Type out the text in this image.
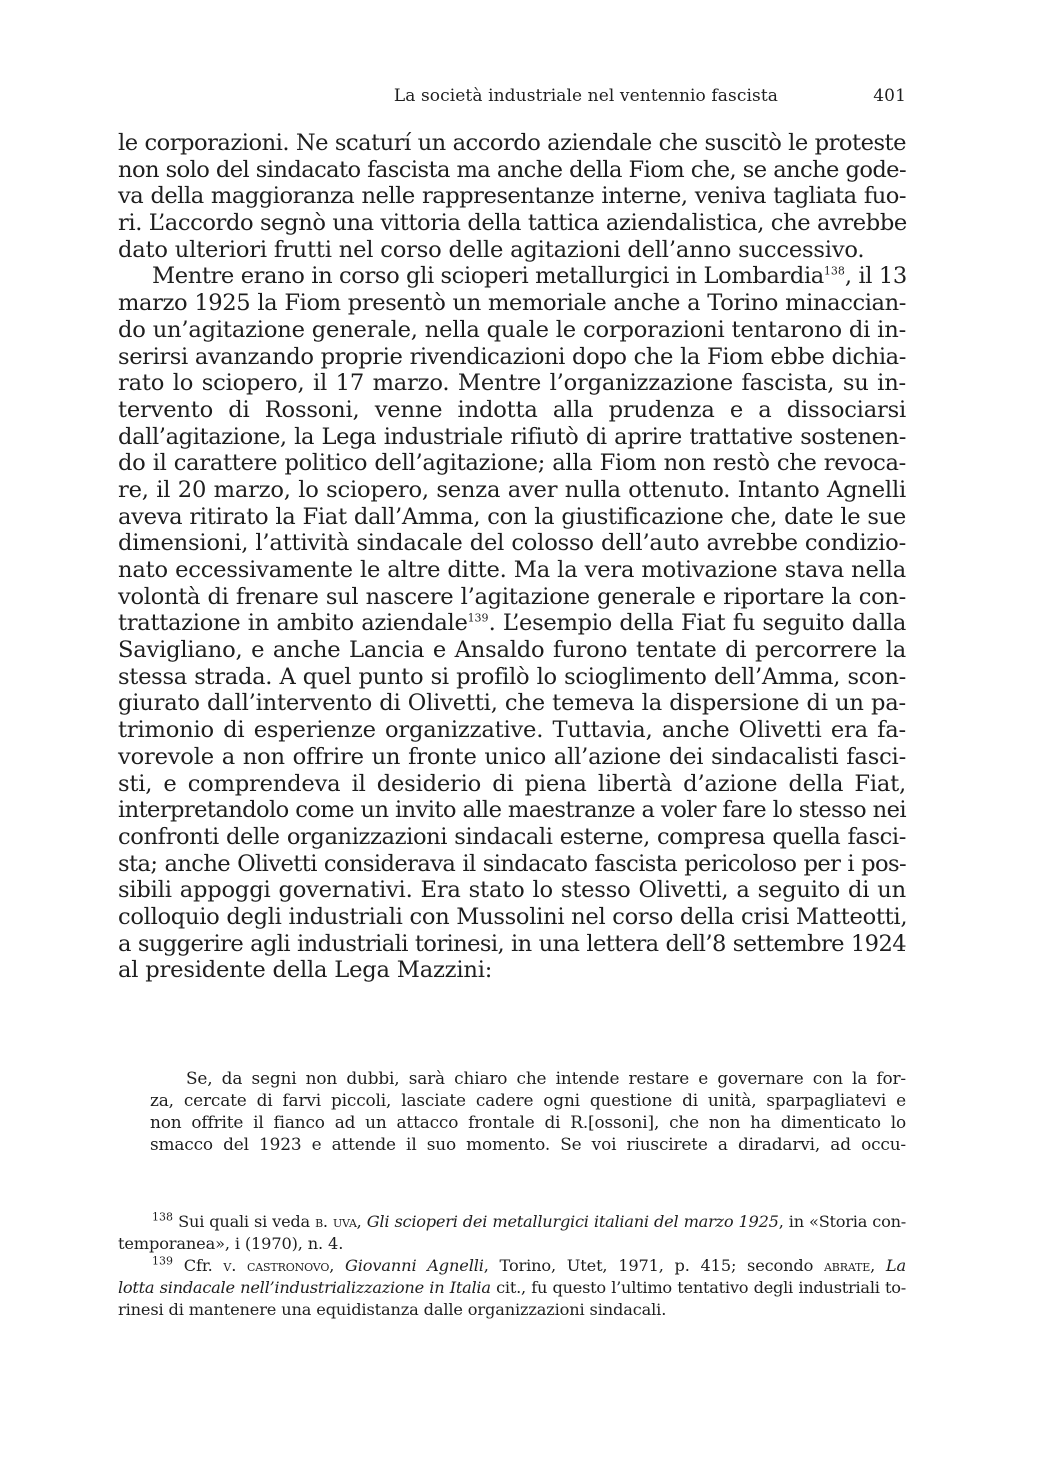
La società industriale nel ventennio fascista	401
le corporazioni. Ne scaturí un accordo aziendale che suscitò le proteste
non solo del sindacato fascista ma anche della Fiom che, se anche gode-
va della maggioranza nelle rappresentanze interne, veniva tagliata fuo-
ri. L’accordo segnò una vittoria della tattica aziendalistica, che avrebbe
dato ulteriori frutti nel corso delle agitazioni dell’anno successivo.
Mentre erano in corso gli scioperi metallurgici in Lombardia$^{138}$, il 13
marzo 1925 la Fiom presentò un memoriale anche a Torino minaccian-
do un’agitazione generale, nella quale le corporazioni tentarono di in-
serirsi avanzando proprie rivendicazioni dopo che la Fiom ebbe dichia-
rato lo sciopero, il 17 marzo. Mentre l’organizzazione fascista, su in-
tervento di Rossoni, venne indotta alla prudenza e a dissociarsi
dall’agitazione, la Lega industriale rifiutò di aprire trattative sostenen-
do il carattere politico dell’agitazione; alla Fiom non restò che revoca-
re, il 20 marzo, lo sciopero, senza aver nulla ottenuto. Intanto Agnelli
aveva ritirato la Fiat dall’Amma, con la giustificazione che, date le sue
dimensioni, l’attività sindacale del colosso dell’auto avrebbe condizio-
nato eccessivamente le altre ditte. Ma la vera motivazione stava nella
volontà di frenare sul nascere l’agitazione generale e riportare la con-
trattazione in ambito aziendale$^{139}$. L’esempio della Fiat fu seguito dalla
Savigliano, e anche Lancia e Ansaldo furono tentate di percorrere la
stessa strada. A quel punto si profilò lo scioglimento dell’Amma, scon-
giurato dall’intervento di Olivetti, che temeva la dispersione di un pa-
trimonio di esperienze organizzative. Tuttavia, anche Olivetti era fa-
vorevole a non offrire un fronte unico all’azione dei sindacalisti fasci-
sti, e comprendeva il desiderio di piena libertà d’azione della Fiat,
interpretandolo come un invito alle maestranze a voler fare lo stesso nei
confronti delle organizzazioni sindacali esterne, compresa quella fasci-
sta; anche Olivetti considerava il sindacato fascista pericoloso per i pos-
sibili appoggi governativi. Era stato lo stesso Olivetti, a seguito di un
colloquio degli industriali con Mussolini nel corso della crisi Matteotti,
a suggerire agli industriali torinesi, in una lettera dell’8 settembre 1924
al presidente della Lega Mazzini:
Se, da segni non dubbi, sarà chiaro che intende restare e governare con la for-
za, cercate di farvi piccoli, lasciate cadere ogni questione di unità, sparpagliatevi e
non offrite il fianco ad un attacco frontale di R.[ossoni], che non ha dimenticato lo
smacco del 1923 e attende il suo momento. Se voi riuscirete a diradarvi, ad occu-
$^{138}$ Sui quali si veda b. uva, Gli scioperi dei metallurgici italiani del marzo 1925, in «Storia con-
temporanea», i (1970), n. 4.
$^{139}$ Cfr. v. castronovo, Giovanni Agnelli, Torino, Utet, 1971, p. 415; secondo abrate, La
lotta sindacale nell’industrializzazione in Italia cit., fu questo l’ultimo tentativo degli industriali to-
rinesi di mantenere una equidistanza dalle organizzazioni sindacali.
